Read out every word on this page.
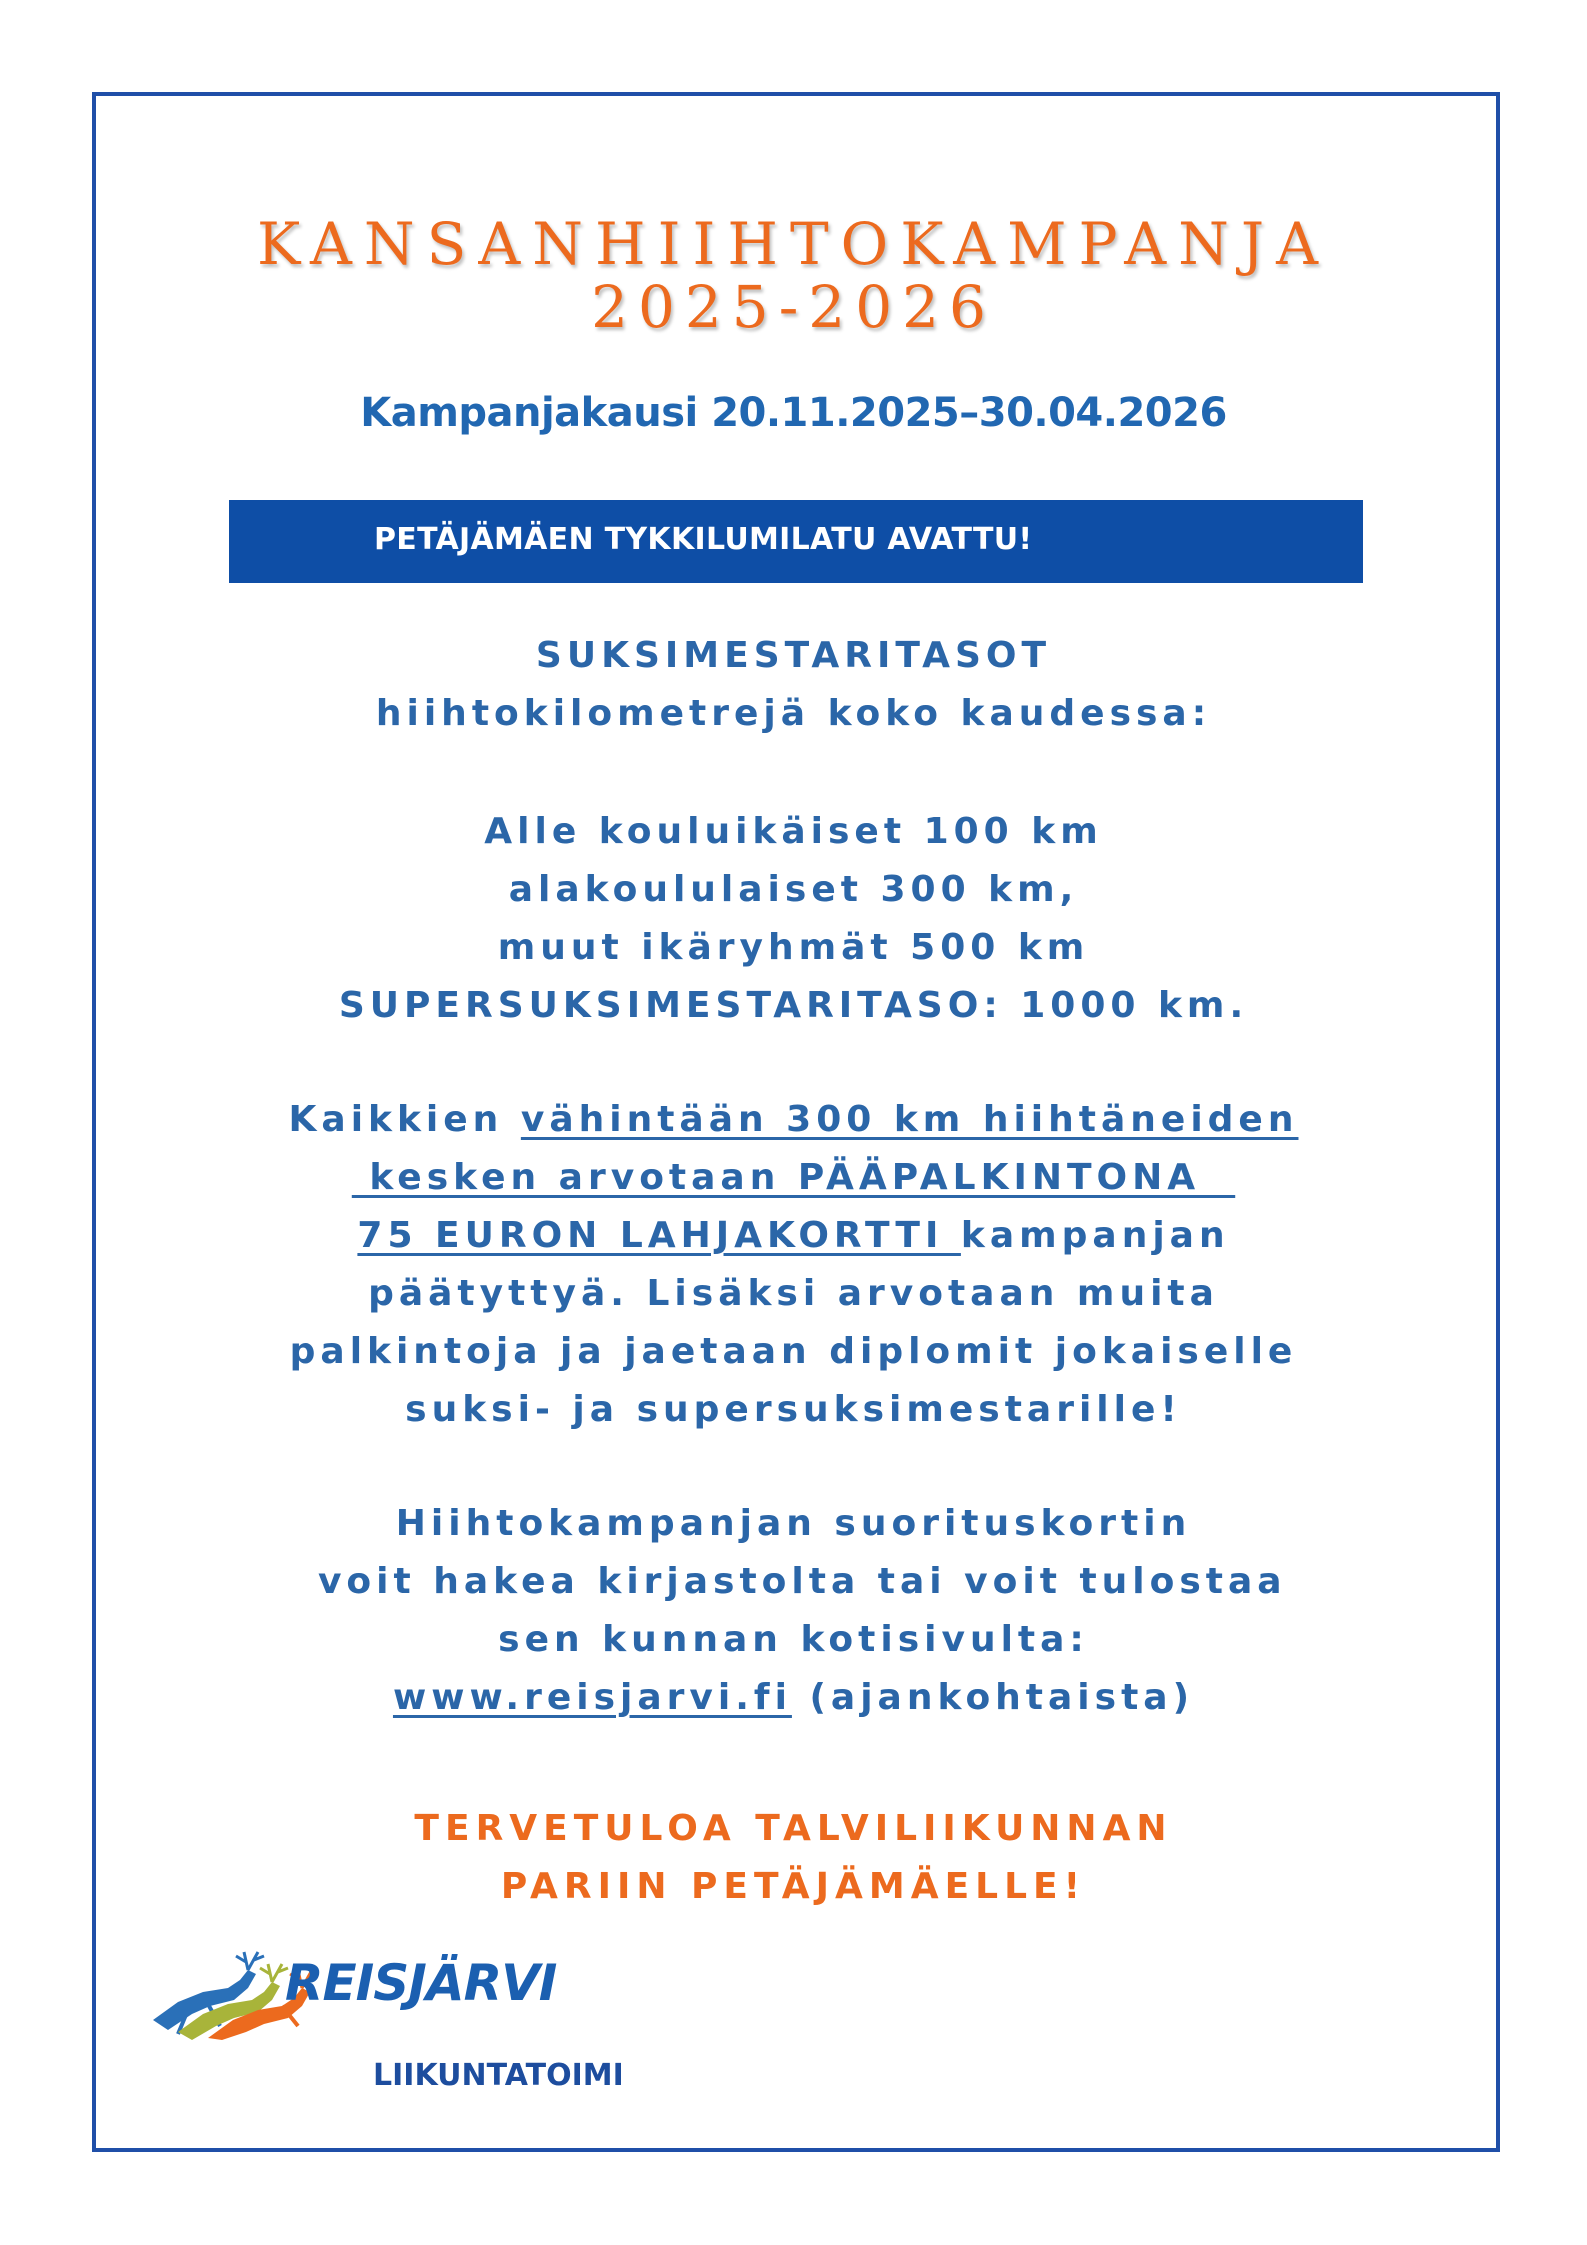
KANSANHIIHTOKAMPANJA
2025-2026
Kampanjakausi 20.11.2025–30.04.2026
PETÄJÄMÄEN TYKKILUMILATU AVATTU!
SUKSIMESTARITASOT
hiihtokilometrejä koko kaudessa:
Alle kouluikäiset 100 km
alakoululaiset 300 km,
muut ikäryhmät 500 km
SUPERSUKSIMESTARITASO: 1000 km.
Kaikkien vähintään 300 km hiihtäneiden
kesken arvotaan PÄÄPALKINTONA
75 EURON LAHJAKORTTI kampanjan
päätyttyä. Lisäksi arvotaan muita
palkintoja ja jaetaan diplomit jokaiselle
suksi- ja supersuksimestarille!
Hiihtokampanjan suorituskortin
voit hakea kirjastolta tai voit tulostaa
sen kunnan kotisivulta:
www.reisjarvi.fi (ajankohtaista)
TERVETULOA TALVILIIKUNNAN
PARIIN PETÄJÄMÄELLE!
REISJÄRVI
LIIKUNTATOIMI
